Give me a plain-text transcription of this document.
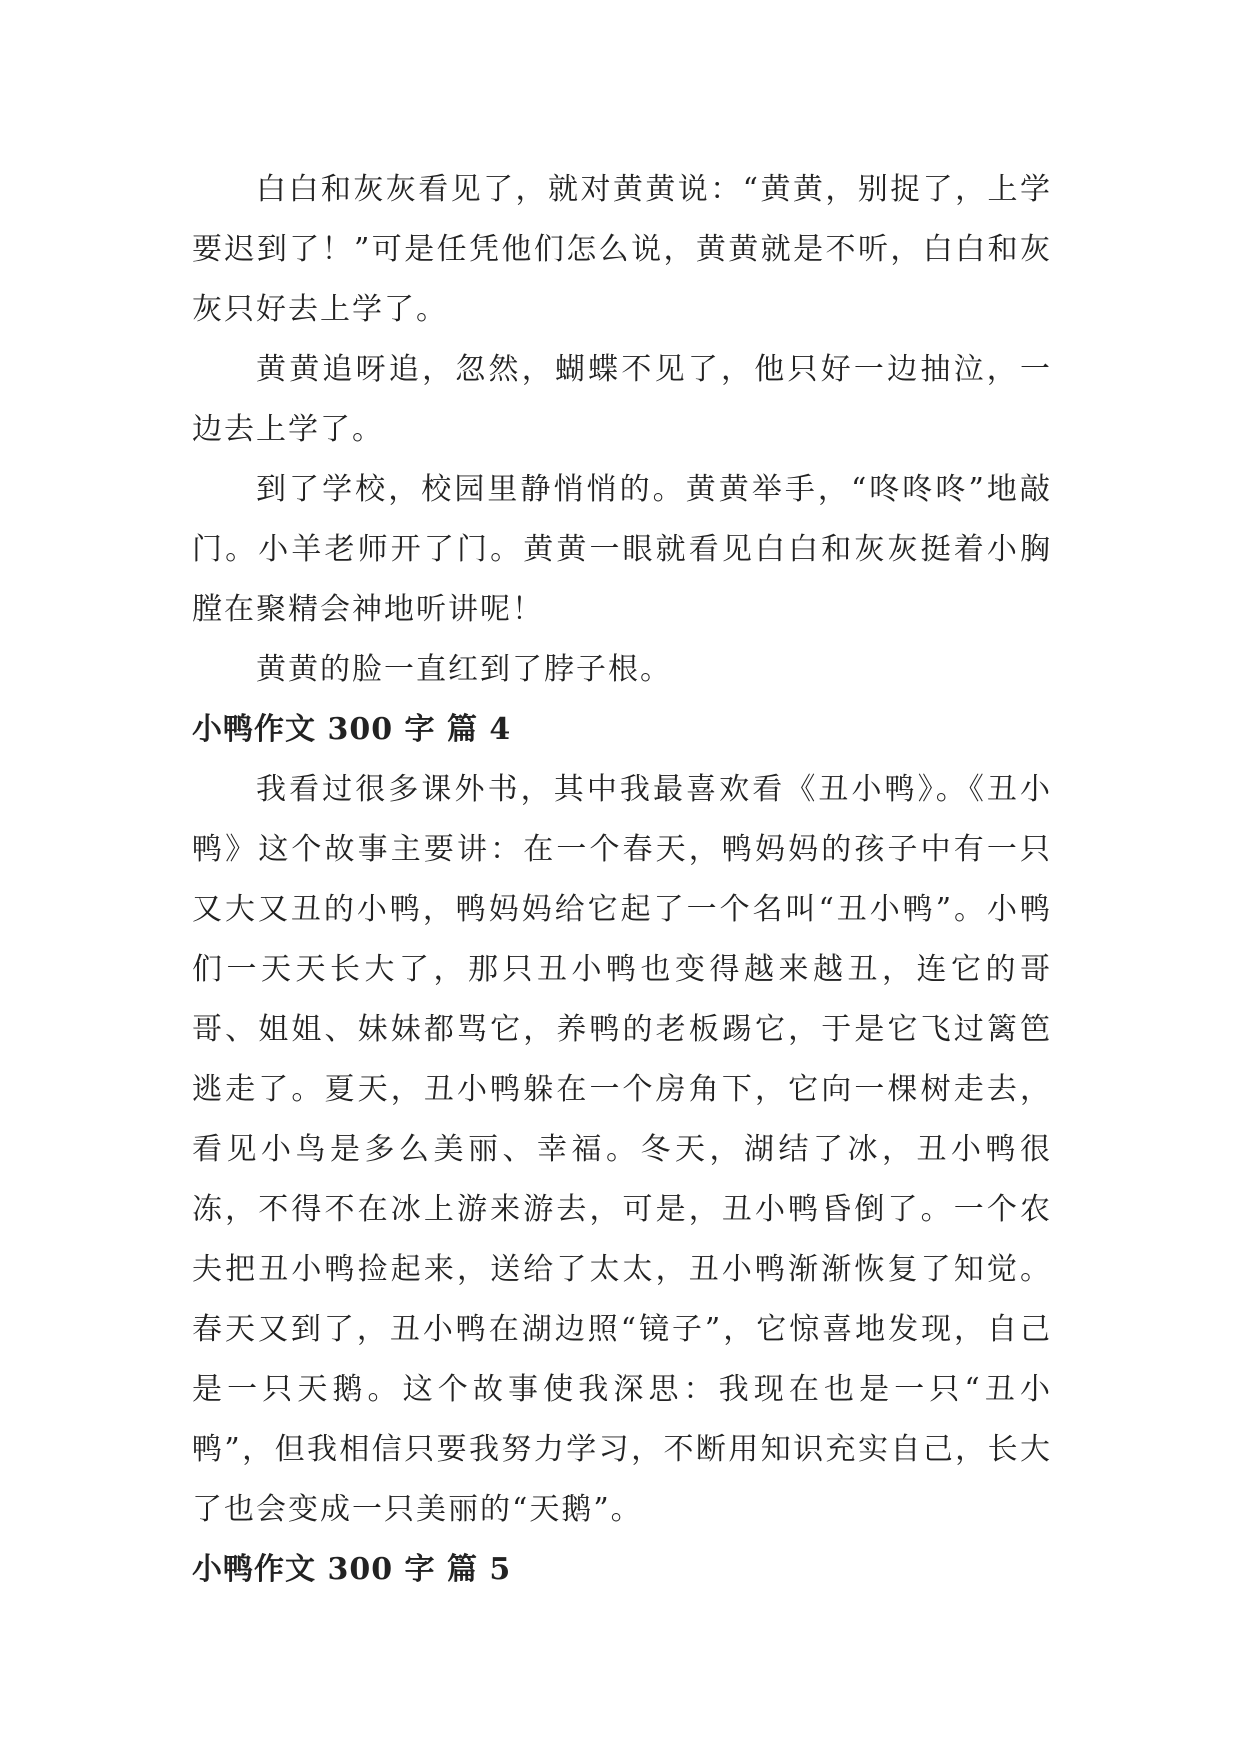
白白和灰灰看见了，就对黄黄说：“黄黄，别捉了，上学要迟到了！”可是任凭他们怎么说，黄黄就是不听，白白和灰灰只好去上学了。

黄黄追呀追，忽然，蝴蝶不见了，他只好一边抽泣，一边去上学了。

到了学校，校园里静悄悄的。黄黄举手，“咚咚咚”地敲门。小羊老师开了门。黄黄一眼就看见白白和灰灰挺着小胸膛在聚精会神地听讲呢！

黄黄的脸一直红到了脖子根。

小鸭作文 300 字 篇 4

我看过很多课外书，其中我最喜欢看《丑小鸭》。《丑小鸭》这个故事主要讲：在一个春天，鸭妈妈的孩子中有一只又大又丑的小鸭，鸭妈妈给它起了一个名叫“丑小鸭”。小鸭们一天天长大了，那只丑小鸭也变得越来越丑，连它的哥哥、姐姐、妹妹都骂它，养鸭的老板踢它，于是它飞过篱笆逃走了。夏天，丑小鸭躲在一个房角下，它向一棵树走去，看见小鸟是多么美丽、幸福。冬天，湖结了冰，丑小鸭很冻，不得不在冰上游来游去，可是，丑小鸭昏倒了。一个农夫把丑小鸭捡起来，送给了太太，丑小鸭渐渐恢复了知觉。春天又到了，丑小鸭在湖边照“镜子”，它惊喜地发现，自己是一只天鹅。这个故事使我深思：我现在也是一只“丑小鸭”，但我相信只要我努力学习，不断用知识充实自己，长大了也会变成一只美丽的“天鹅”。

小鸭作文 300 字 篇 5
